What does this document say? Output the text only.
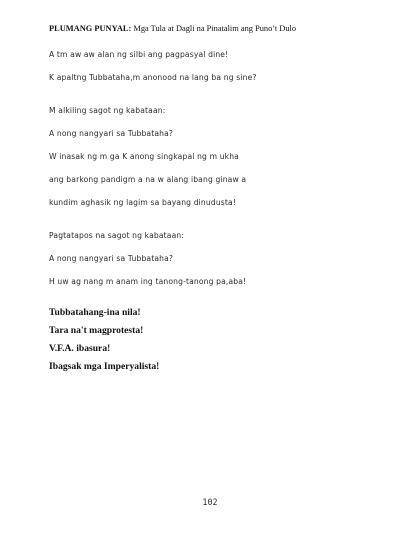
PLUMANG PUNYAL: Mga Tula at Dagli na Pinatalim ang Puno’t Dulo
A tm aw aw alan ng silbi ang pagpasyal dine!
K apaltng Tubbataha,m anonood na lang ba ng sine?
M alkiling sagot ng kabataan:
A nong nangyari sa Tubbataha?
W inasak ng m ga K anong singkapal ng m ukha
ang barkong pandigm a na w alang ibang ginaw a
kundim aghasik ng lagim sa bayang dinudusta!
Pagtatapos na sagot ng kabataan:
A nong nangyari sa Tubbataha?
H uw ag nang m anam ing tanong-tanong pa,aba!
Tubbatahang-ina nila!
Tara na't magprotesta!
V.F.A. ibasura!
Ibagsak mga Imperyalista!
102
